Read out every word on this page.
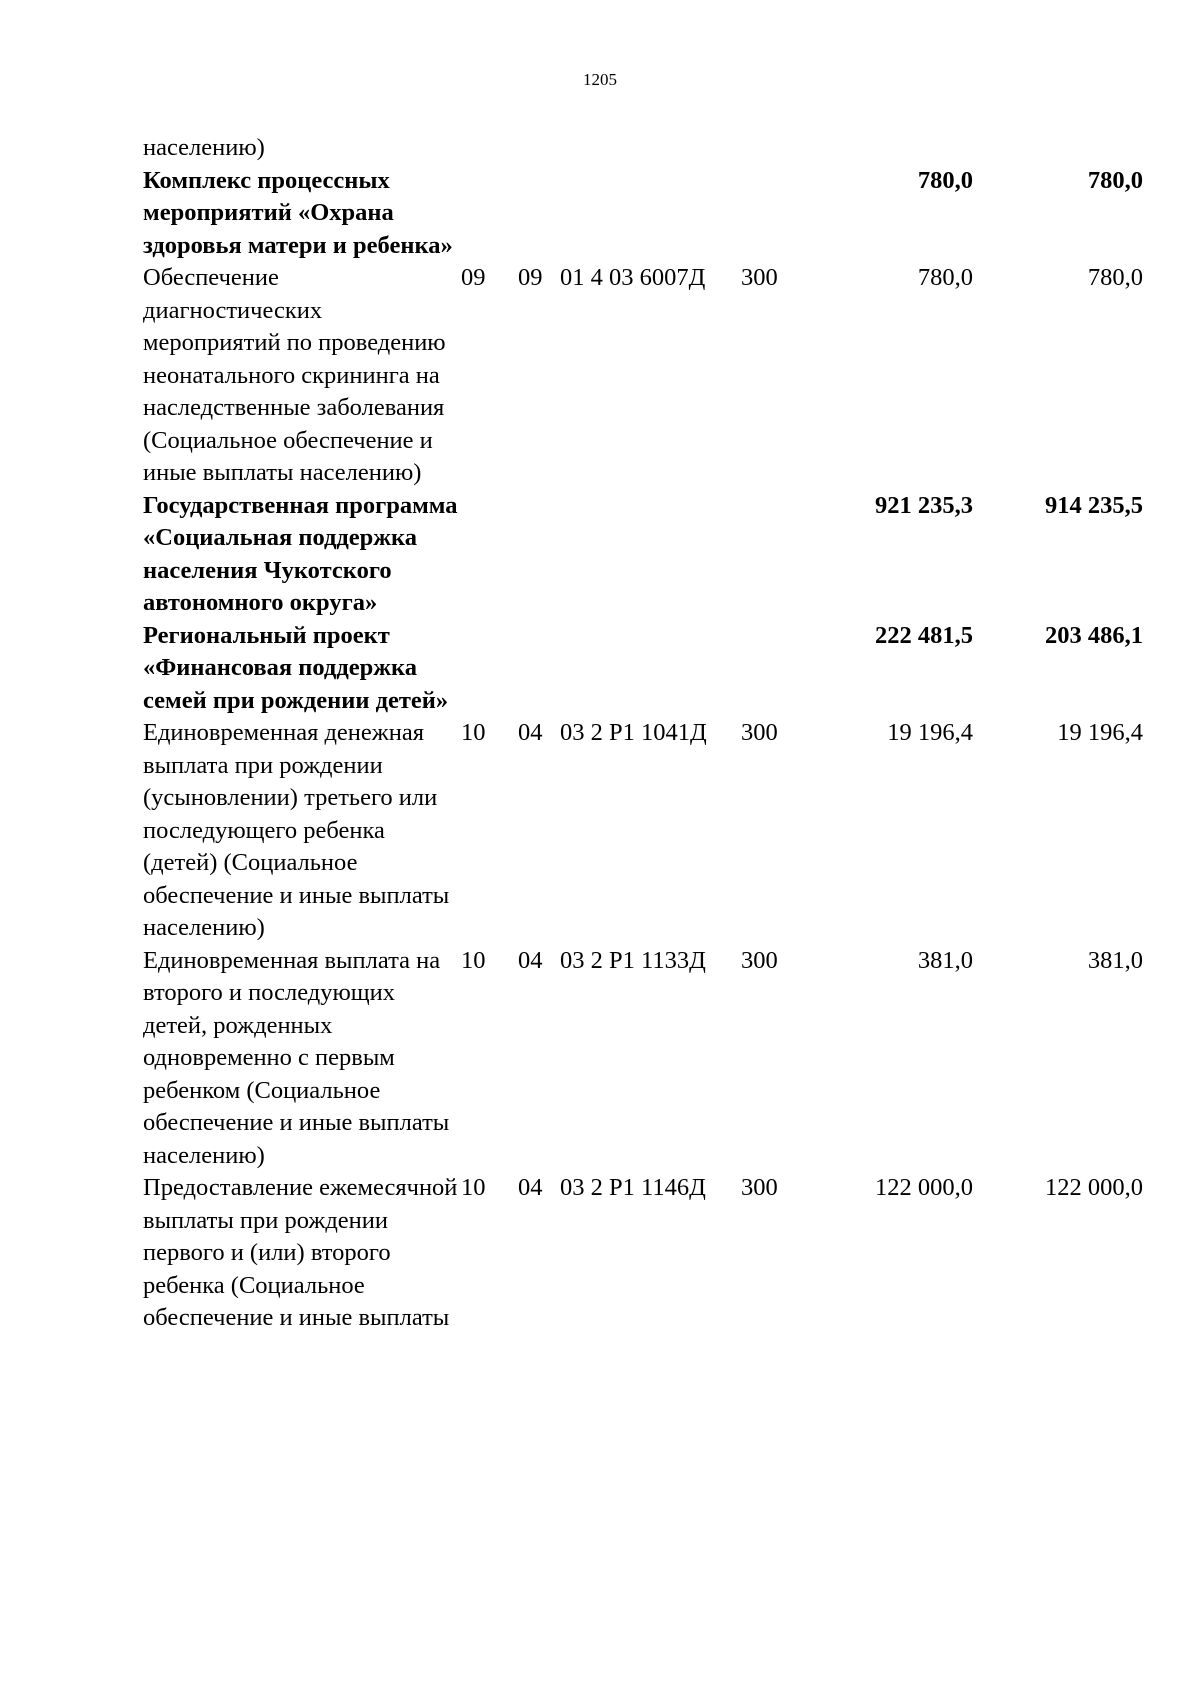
1205
населению)						
Комплекс процессных мероприятий «Охрана здоровья матери и ребенка»					780,0	780,0
Обеспечение диагностических мероприятий по проведению неонатального скрининга на наследственные заболевания (Социальное обеспечение и иные выплаты населению)	09	09	01 4 03 6007Д	300	780,0	780,0
Государственная программа «Социальная поддержка населения Чукотского автономного округа»					921 235,3	914 235,5
Региональный проект «Финансовая поддержка семей при рождении детей»					222 481,5	203 486,1
Единовременная денежная выплата при рождении (усыновлении) третьего или последующего ребенка (детей) (Социальное обеспечение и иные выплаты населению)	10	04	03 2 Р1 1041Д	300	19 196,4	19 196,4
Единовременная выплата на второго и последующих детей, рожденных одновременно с первым ребенком (Социальное обеспечение и иные выплаты населению)	10	04	03 2 Р1 1133Д	300	381,0	381,0
Предоставление ежемесячной выплаты при рождении первого и (или) второго ребенка (Социальное обеспечение и иные выплаты	10	04	03 2 Р1 1146Д	300	122 000,0	122 000,0
